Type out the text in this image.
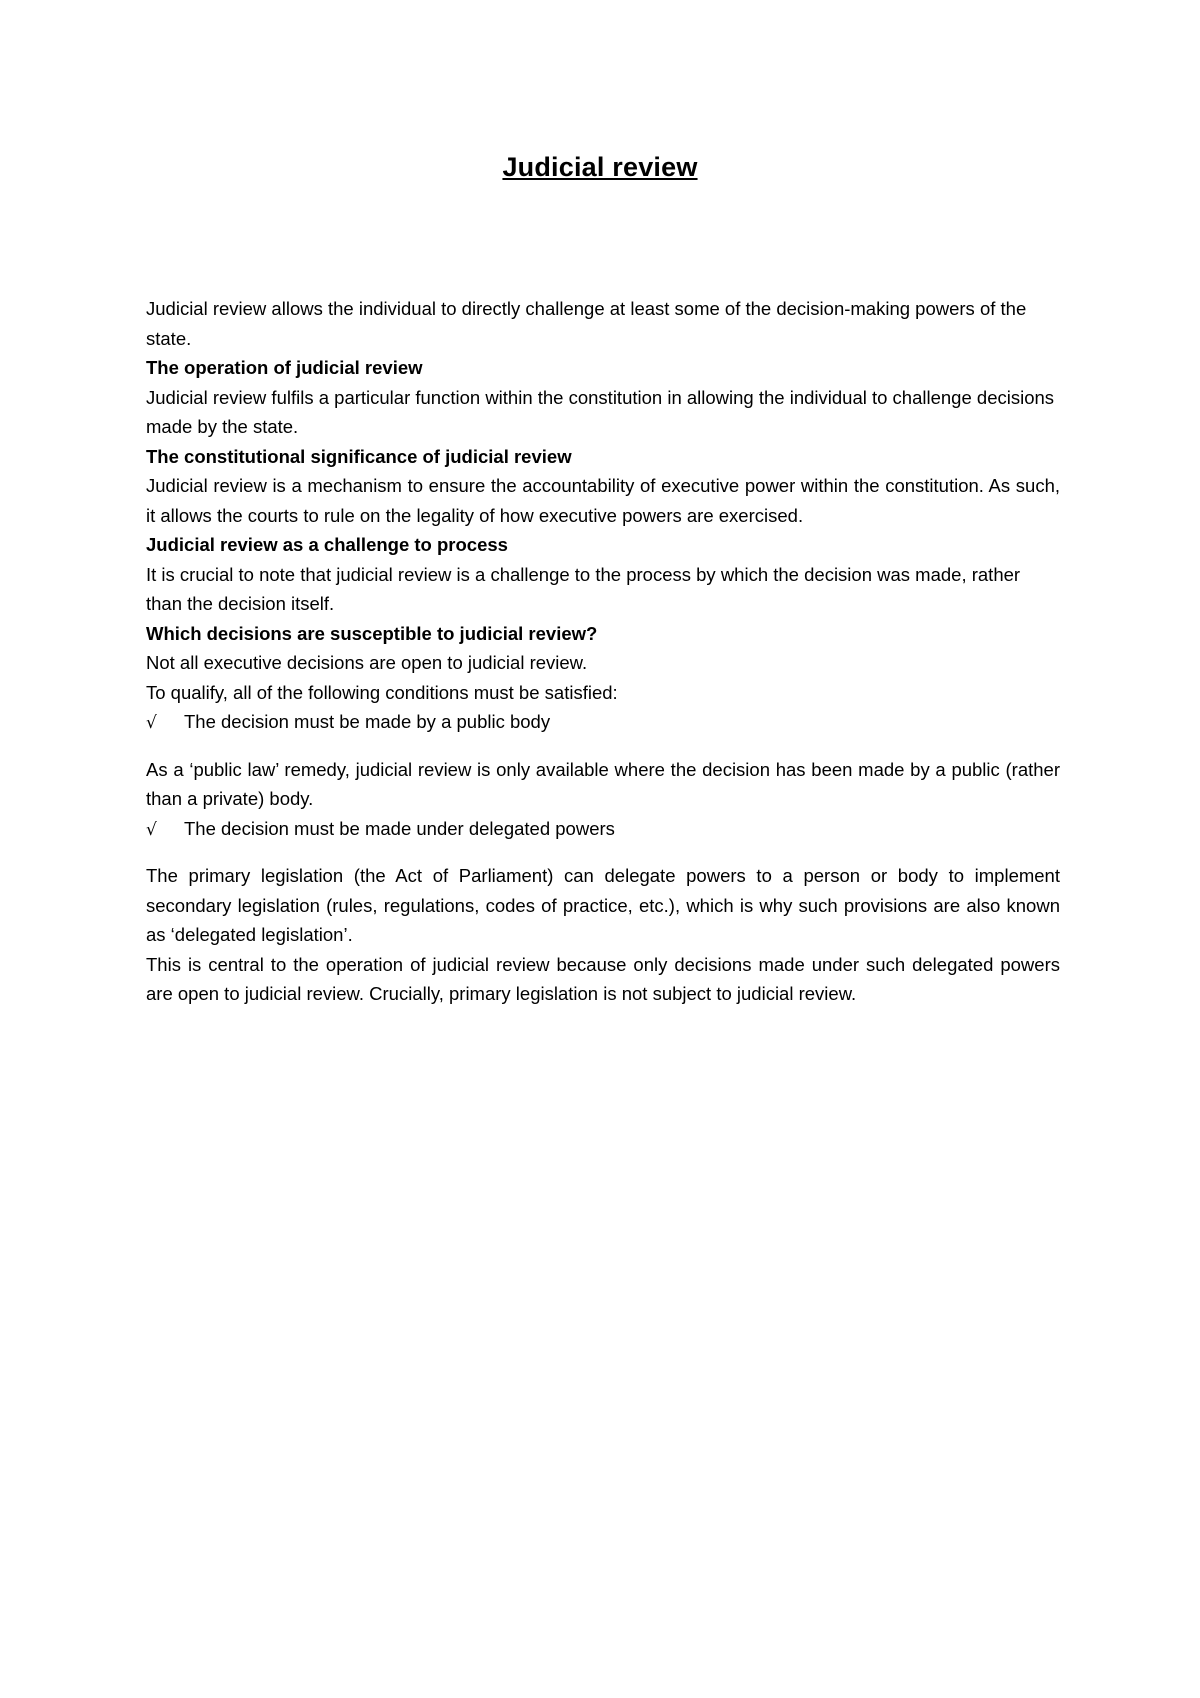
Judicial review

Judicial review allows the individual to directly challenge at least some of the decision-making powers of the state.

The operation of judicial review

Judicial review fulfils a particular function within the constitution in allowing the individual to challenge decisions made by the state.

The constitutional significance of judicial review

Judicial review is a mechanism to ensure the accountability of executive power within the constitution. As such, it allows the courts to rule on the legality of how executive powers are exercised.

Judicial review as a challenge to process

It is crucial to note that judicial review is a challenge to the process by which the decision was made, rather than the decision itself.

Which decisions are susceptible to judicial review?

Not all executive decisions are open to judicial review.

To qualify, all of the following conditions must be satisfied:

√	The decision must be made by a public body

As a ‘public law’ remedy, judicial review is only available where the decision has been made by a public (rather than a private) body.

√	The decision must be made under delegated powers

The primary legislation (the Act of Parliament) can delegate powers to a person or body to implement secondary legislation (rules, regulations, codes of practice, etc.), which is why such provisions are also known as ‘delegated legislation’.

This is central to the operation of judicial review because only decisions made under such delegated powers are open to judicial review. Crucially, primary legislation is not subject to judicial review.
